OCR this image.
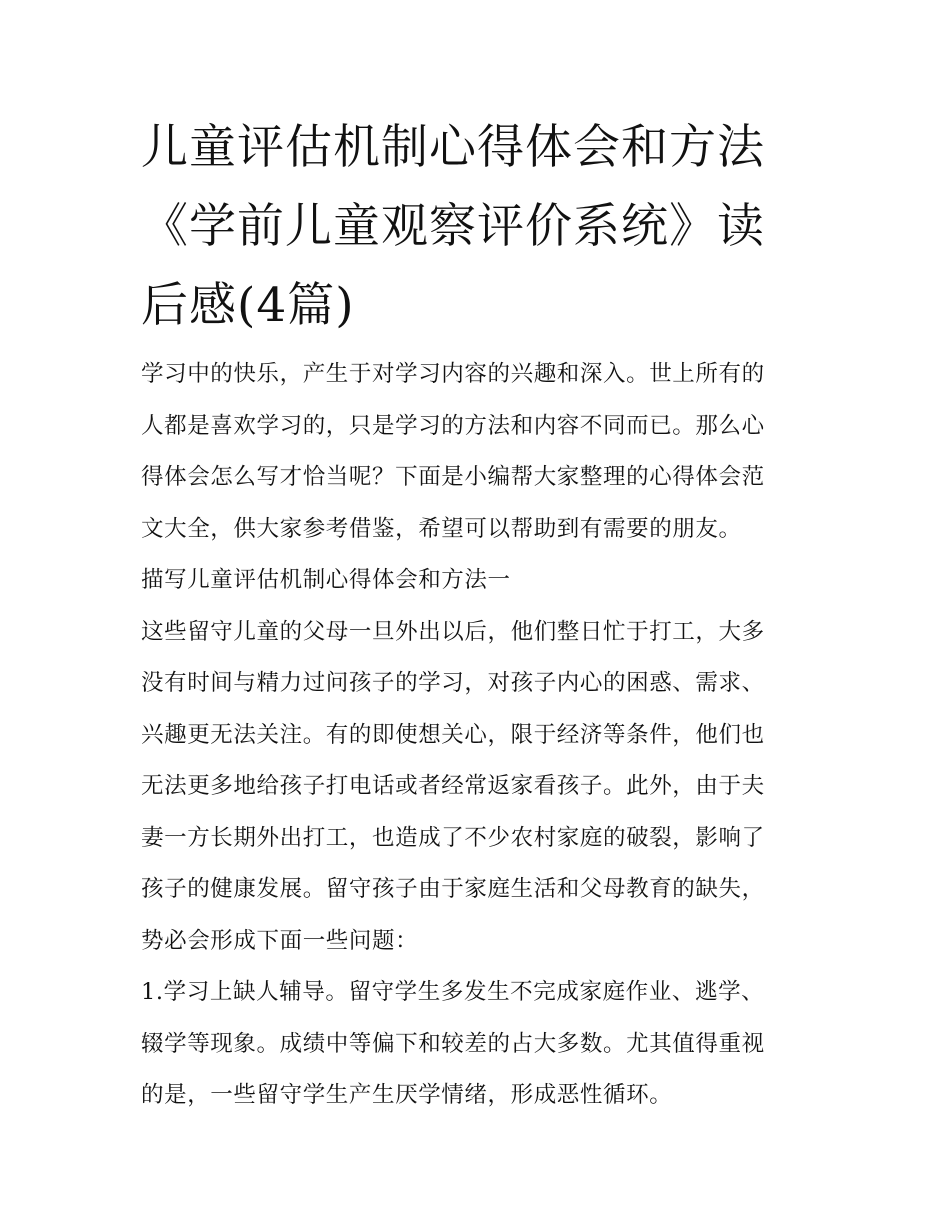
儿童评估机制心得体会和方法
《学前儿童观察评价系统》读
后感(4篇)

学习中的快乐，产生于对学习内容的兴趣和深入。世上所有的
人都是喜欢学习的，只是学习的方法和内容不同而已。那么心
得体会怎么写才恰当呢？下面是小编帮大家整理的心得体会范
文大全，供大家参考借鉴，希望可以帮助到有需要的朋友。

描写儿童评估机制心得体会和方法一

这些留守儿童的父母一旦外出以后，他们整日忙于打工，大多
没有时间与精力过问孩子的学习，对孩子内心的困惑、需求、
兴趣更无法关注。有的即使想关心，限于经济等条件，他们也
无法更多地给孩子打电话或者经常返家看孩子。此外，由于夫
妻一方长期外出打工，也造成了不少农村家庭的破裂，影响了
孩子的健康发展。留守孩子由于家庭生活和父母教育的缺失，
势必会形成下面一些问题：

1.学习上缺人辅导。留守学生多发生不完成家庭作业、逃学、
辍学等现象。成绩中等偏下和较差的占大多数。尤其值得重视
的是，一些留守学生产生厌学情绪，形成恶性循环。
